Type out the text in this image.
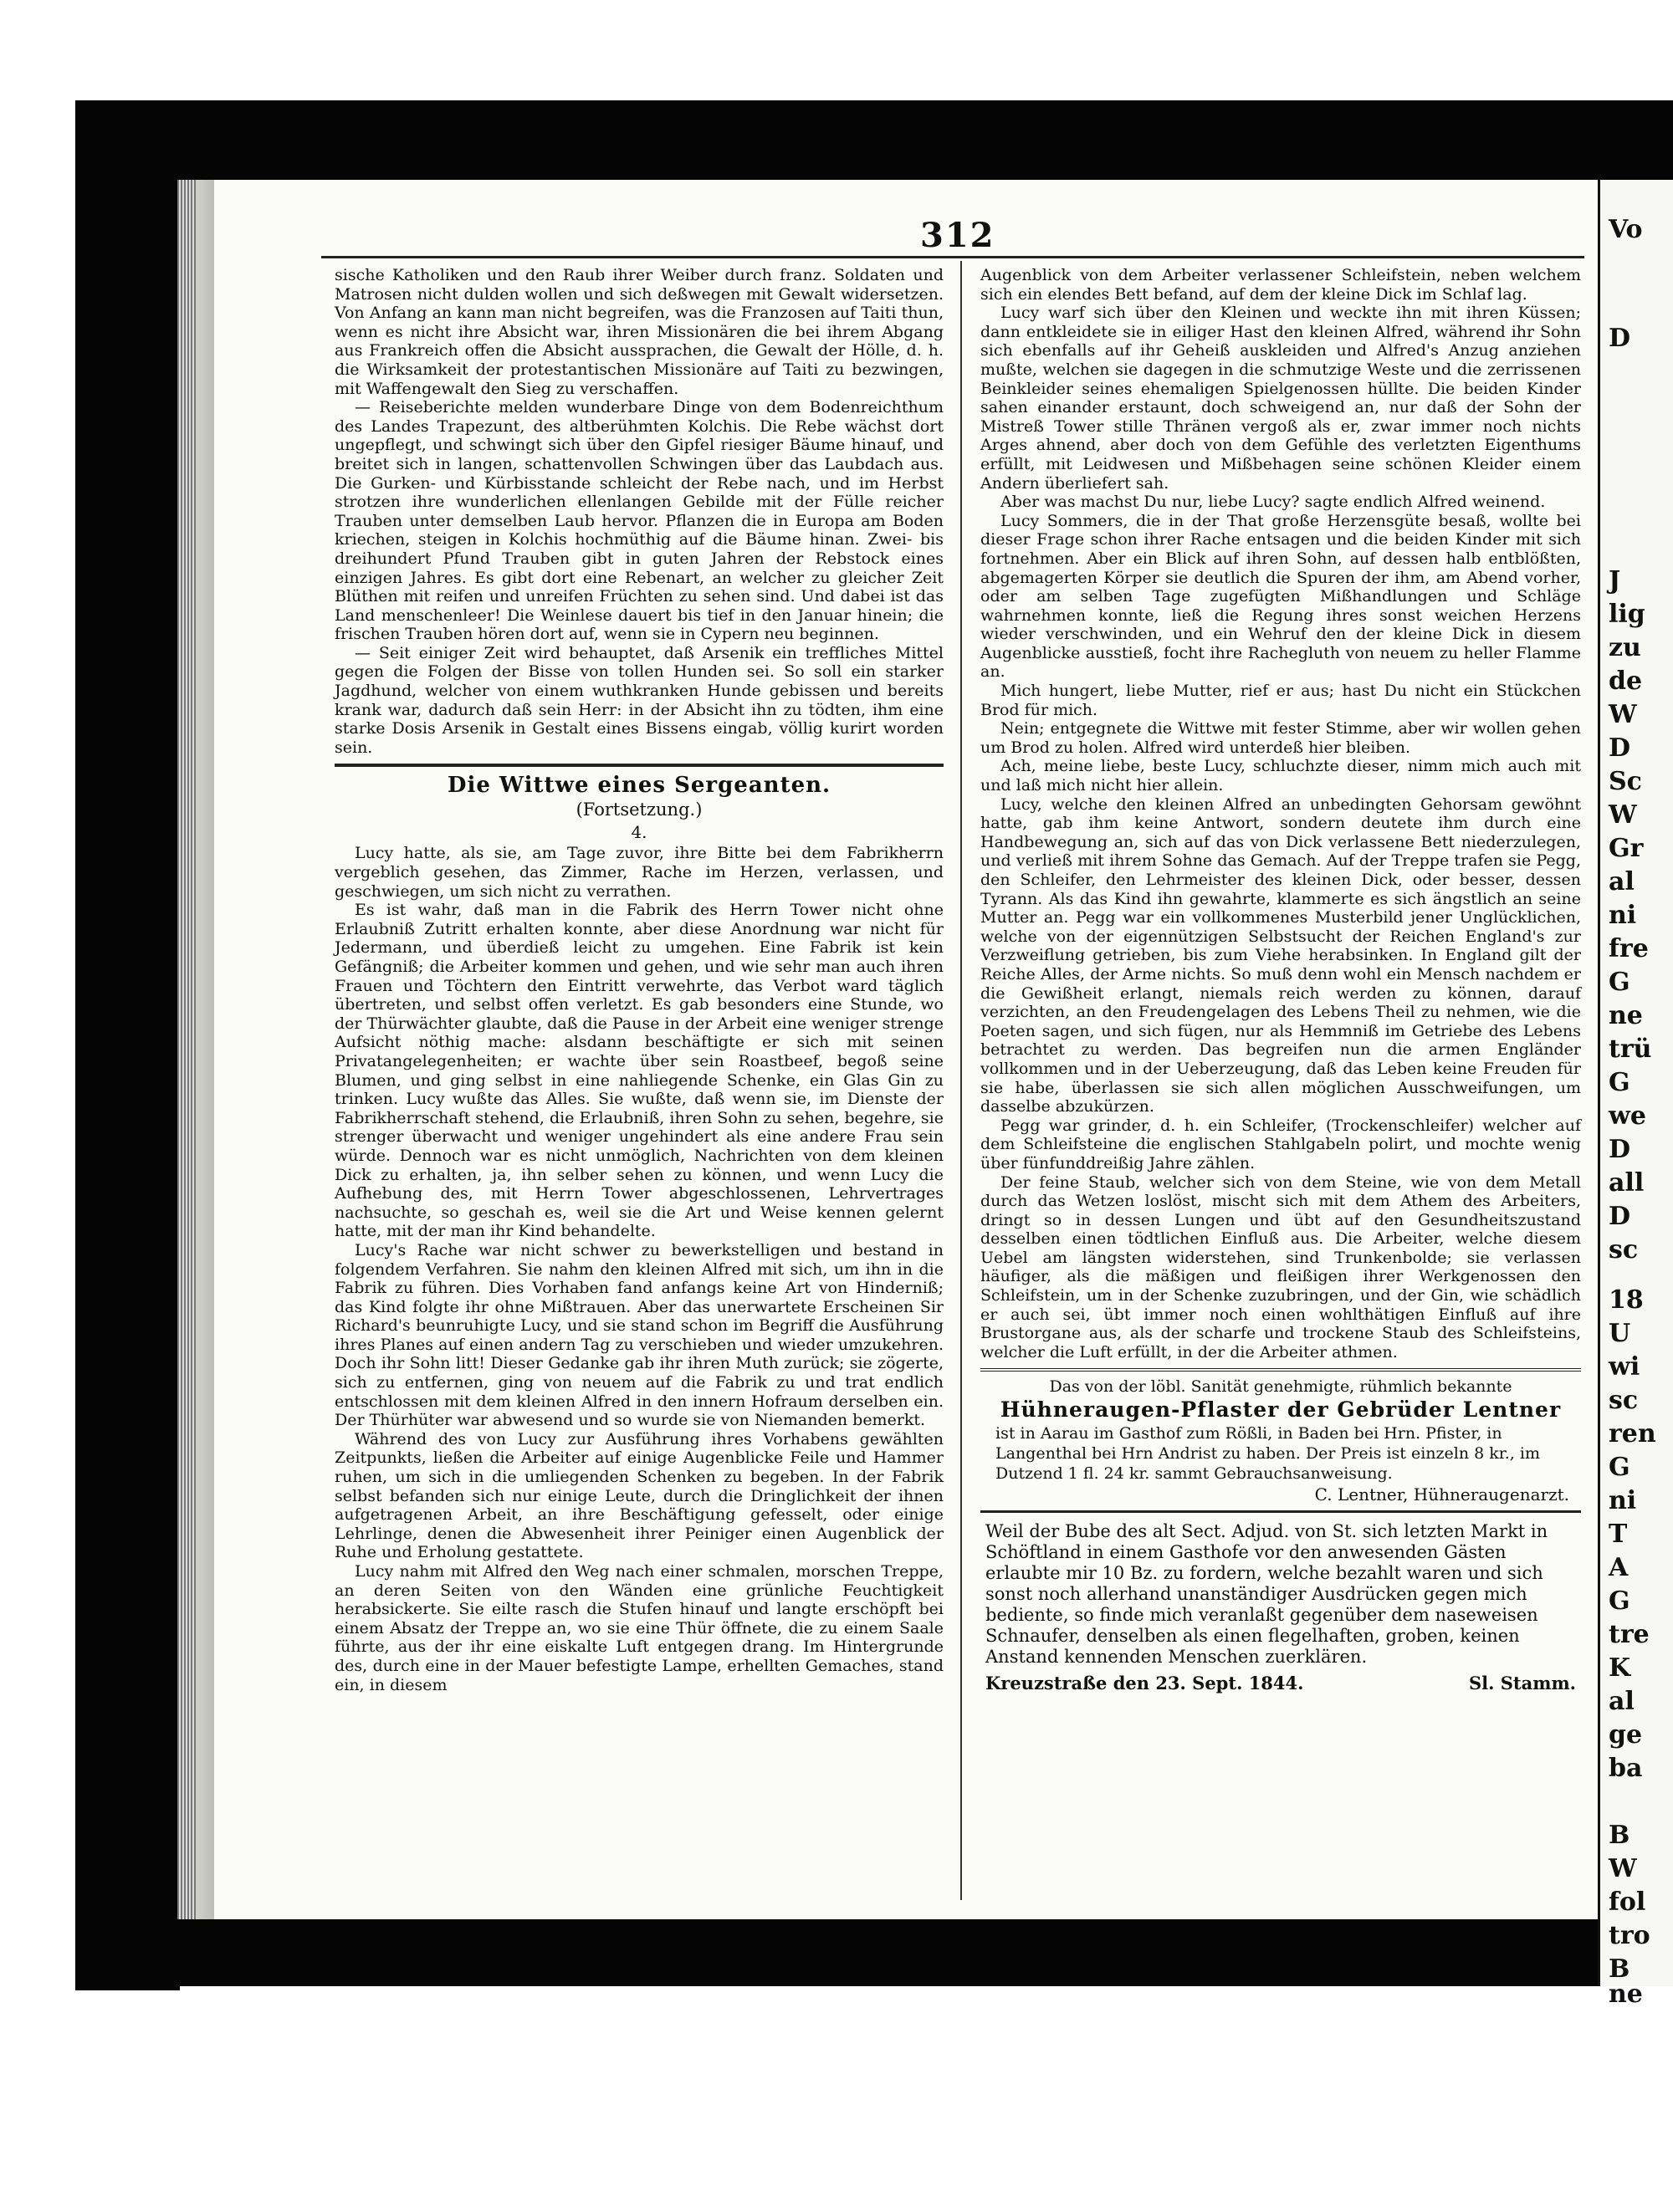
Vo
D
J
lig
zu
de
W
D
Sc
W
Gr
al
ni
fre
G
ne
trü
G
we
D
all
D
sc
18
U
wi
sc
ren
G
ni
T
A
G
tre
K
al
ge
ba
B
W
fol
tro
B
ne
312

sische Katholiken und den Raub ihrer Weiber durch franz. Soldaten und Matrosen nicht dulden wollen und sich deßwegen mit Gewalt widersetzen. Von Anfang an kann man nicht begreifen, was die Franzosen auf Taiti thun, wenn es nicht ihre Absicht war, ihren Missionären die bei ihrem Abgang aus Frankreich offen die Absicht aussprachen, die Gewalt der Hölle, d. h. die Wirksamkeit der protestantischen Missionäre auf Taiti zu bezwingen, mit Waffengewalt den Sieg zu verschaffen.

— Reiseberichte melden wunderbare Dinge von dem Bodenreichthum des Landes Trapezunt, des altberühmten Kolchis. Die Rebe wächst dort ungepflegt, und schwingt sich über den Gipfel riesiger Bäume hinauf, und breitet sich in langen, schattenvollen Schwingen über das Laubdach aus. Die Gurken- und Kürbisstande schleicht der Rebe nach, und im Herbst strotzen ihre wunderlichen ellenlangen Gebilde mit der Fülle reicher Trauben unter demselben Laub hervor. Pflanzen die in Europa am Boden kriechen, steigen in Kolchis hochmüthig auf die Bäume hinan. Zwei- bis dreihundert Pfund Trauben gibt in guten Jahren der Rebstock eines einzigen Jahres. Es gibt dort eine Rebenart, an welcher zu gleicher Zeit Blüthen mit reifen und unreifen Früchten zu sehen sind. Und dabei ist das Land menschenleer! Die Weinlese dauert bis tief in den Januar hinein; die frischen Trauben hören dort auf, wenn sie in Cypern neu beginnen.

— Seit einiger Zeit wird behauptet, daß Arsenik ein treffliches Mittel gegen die Folgen der Bisse von tollen Hunden sei. So soll ein starker Jagdhund, welcher von einem wuthkranken Hunde gebissen und bereits krank war, dadurch daß sein Herr: in der Absicht ihn zu tödten, ihm eine starke Dosis Arsenik in Gestalt eines Bissens eingab, völlig kurirt worden sein.

Die Wittwe eines Sergeanten.
(Fortsetzung.)
4.

Lucy hatte, als sie, am Tage zuvor, ihre Bitte bei dem Fabrikherrn vergeblich gesehen, das Zimmer, Rache im Herzen, verlassen, und geschwiegen, um sich nicht zu verrathen.

Es ist wahr, daß man in die Fabrik des Herrn Tower nicht ohne Erlaubniß Zutritt erhalten konnte, aber diese Anordnung war nicht für Jedermann, und überdieß leicht zu umgehen. Eine Fabrik ist kein Gefängniß; die Arbeiter kommen und gehen, und wie sehr man auch ihren Frauen und Töchtern den Eintritt verwehrte, das Verbot ward täglich übertreten, und selbst offen verletzt. Es gab besonders eine Stunde, wo der Thürwächter glaubte, daß die Pause in der Arbeit eine weniger strenge Aufsicht nöthig mache: alsdann beschäftigte er sich mit seinen Privatangelegenheiten; er wachte über sein Roastbeef, begoß seine Blumen, und ging selbst in eine nahliegende Schenke, ein Glas Gin zu trinken. Lucy wußte das Alles. Sie wußte, daß wenn sie, im Dienste der Fabrikherrschaft stehend, die Erlaubniß, ihren Sohn zu sehen, begehre, sie strenger überwacht und weniger ungehindert als eine andere Frau sein würde. Dennoch war es nicht unmöglich, Nachrichten von dem kleinen Dick zu erhalten, ja, ihn selber sehen zu können, und wenn Lucy die Aufhebung des, mit Herrn Tower abgeschlossenen, Lehrvertrages nachsuchte, so geschah es, weil sie die Art und Weise kennen gelernt hatte, mit der man ihr Kind behandelte.

Lucy's Rache war nicht schwer zu bewerkstelligen und bestand in folgendem Verfahren. Sie nahm den kleinen Alfred mit sich, um ihn in die Fabrik zu führen. Dies Vorhaben fand anfangs keine Art von Hinderniß; das Kind folgte ihr ohne Mißtrauen. Aber das unerwartete Erscheinen Sir Richard's beunruhigte Lucy, und sie stand schon im Begriff die Ausführung ihres Planes auf einen andern Tag zu verschieben und wieder umzukehren. Doch ihr Sohn litt! Dieser Gedanke gab ihr ihren Muth zurück; sie zögerte, sich zu entfernen, ging von neuem auf die Fabrik zu und trat endlich entschlossen mit dem kleinen Alfred in den innern Hofraum derselben ein. Der Thürhüter war abwesend und so wurde sie von Niemanden bemerkt.

Während des von Lucy zur Ausführung ihres Vorhabens gewählten Zeitpunkts, ließen die Arbeiter auf einige Augenblicke Feile und Hammer ruhen, um sich in die umliegenden Schenken zu begeben. In der Fabrik selbst befanden sich nur einige Leute, durch die Dringlichkeit der ihnen aufgetragenen Arbeit, an ihre Beschäftigung gefesselt, oder einige Lehrlinge, denen die Abwesenheit ihrer Peiniger einen Augenblick der Ruhe und Erholung gestattete.

Lucy nahm mit Alfred den Weg nach einer schmalen, morschen Treppe, an deren Seiten von den Wänden eine grünliche Feuchtigkeit herabsickerte. Sie eilte rasch die Stufen hinauf und langte erschöpft bei einem Absatz der Treppe an, wo sie eine Thür öffnete, die zu einem Saale führte, aus der ihr eine eiskalte Luft entgegen drang. Im Hintergrunde des, durch eine in der Mauer befestigte Lampe, erhellten Gemaches, stand ein, in diesem

Augenblick von dem Arbeiter verlassener Schleifstein, neben welchem sich ein elendes Bett befand, auf dem der kleine Dick im Schlaf lag.

Lucy warf sich über den Kleinen und weckte ihn mit ihren Küssen; dann entkleidete sie in eiliger Hast den kleinen Alfred, während ihr Sohn sich ebenfalls auf ihr Geheiß auskleiden und Alfred's Anzug anziehen mußte, welchen sie dagegen in die schmutzige Weste und die zerrissenen Beinkleider seines ehemaligen Spielgenossen hüllte. Die beiden Kinder sahen einander erstaunt, doch schweigend an, nur daß der Sohn der Mistreß Tower stille Thränen vergoß als er, zwar immer noch nichts Arges ahnend, aber doch von dem Gefühle des verletzten Eigenthums erfüllt, mit Leidwesen und Mißbehagen seine schönen Kleider einem Andern überliefert sah.

Aber was machst Du nur, liebe Lucy? sagte endlich Alfred weinend.

Lucy Sommers, die in der That große Herzensgüte besaß, wollte bei dieser Frage schon ihrer Rache entsagen und die beiden Kinder mit sich fortnehmen. Aber ein Blick auf ihren Sohn, auf dessen halb entblößten, abgemagerten Körper sie deutlich die Spuren der ihm, am Abend vorher, oder am selben Tage zugefügten Mißhandlungen und Schläge wahrnehmen konnte, ließ die Regung ihres sonst weichen Herzens wieder verschwinden, und ein Wehruf den der kleine Dick in diesem Augenblicke ausstieß, focht ihre Rachegluth von neuem zu heller Flamme an.

Mich hungert, liebe Mutter, rief er aus; hast Du nicht ein Stückchen Brod für mich.

Nein; entgegnete die Wittwe mit fester Stimme, aber wir wollen gehen um Brod zu holen. Alfred wird unterdeß hier bleiben.

Ach, meine liebe, beste Lucy, schluchzte dieser, nimm mich auch mit und laß mich nicht hier allein.

Lucy, welche den kleinen Alfred an unbedingten Gehorsam gewöhnt hatte, gab ihm keine Antwort, sondern deutete ihm durch eine Handbewegung an, sich auf das von Dick verlassene Bett niederzulegen, und verließ mit ihrem Sohne das Gemach. Auf der Treppe trafen sie Pegg, den Schleifer, den Lehrmeister des kleinen Dick, oder besser, dessen Tyrann. Als das Kind ihn gewahrte, klammerte es sich ängstlich an seine Mutter an. Pegg war ein vollkommenes Musterbild jener Unglücklichen, welche von der eigennützigen Selbstsucht der Reichen England's zur Verzweiflung getrieben, bis zum Viehe herabsinken. In England gilt der Reiche Alles, der Arme nichts. So muß denn wohl ein Mensch nachdem er die Gewißheit erlangt, niemals reich werden zu können, darauf verzichten, an den Freudengelagen des Lebens Theil zu nehmen, wie die Poeten sagen, und sich fügen, nur als Hemmniß im Getriebe des Lebens betrachtet zu werden. Das begreifen nun die armen Engländer vollkommen und in der Ueberzeugung, daß das Leben keine Freuden für sie habe, überlassen sie sich allen möglichen Ausschweifungen, um dasselbe abzukürzen.

Pegg war grinder, d. h. ein Schleifer, (Trockenschleifer) welcher auf dem Schleifsteine die englischen Stahlgabeln polirt, und mochte wenig über fünfunddreißig Jahre zählen.

Der feine Staub, welcher sich von dem Steine, wie von dem Metall durch das Wetzen loslöst, mischt sich mit dem Athem des Arbeiters, dringt so in dessen Lungen und übt auf den Gesundheitszustand desselben einen tödtlichen Einfluß aus. Die Arbeiter, welche diesem Uebel am längsten widerstehen, sind Trunkenbolde; sie verlassen häufiger, als die mäßigen und fleißigen ihrer Werkgenossen den Schleifstein, um in der Schenke zuzubringen, und der Gin, wie schädlich er auch sei, übt immer noch einen wohlthätigen Einfluß auf ihre Brustorgane aus, als der scharfe und trockene Staub des Schleifsteins, welcher die Luft erfüllt, in der die Arbeiter athmen.

Das von der löbl. Sanität genehmigte, rühmlich bekannte
Hühneraugen-Pflaster der Gebrüder Lentner
ist in Aarau im Gasthof zum Rößli, in Baden bei Hrn. Pfister, in Langenthal bei Hrn Andrist zu haben. Der Preis ist einzeln 8 kr., im Dutzend 1 fl. 24 kr. sammt Gebrauchsanweisung.
C. Lentner, Hühneraugenarzt.
Weil der Bube des alt Sect. Adjud. von St. sich letzten Markt in Schöftland in einem Gasthofe vor den anwesenden Gästen erlaubte mir 10 Bz. zu fordern, welche bezahlt waren und sich sonst noch allerhand unanständiger Ausdrücken gegen mich bediente, so finde mich veranlaßt gegenüber dem naseweisen Schnaufer, denselben als einen flegelhaften, groben, keinen Anstand kennenden Menschen zuerklären.
Kreuzstraße den 23. Sept. 1844.	Sl. Stamm.
